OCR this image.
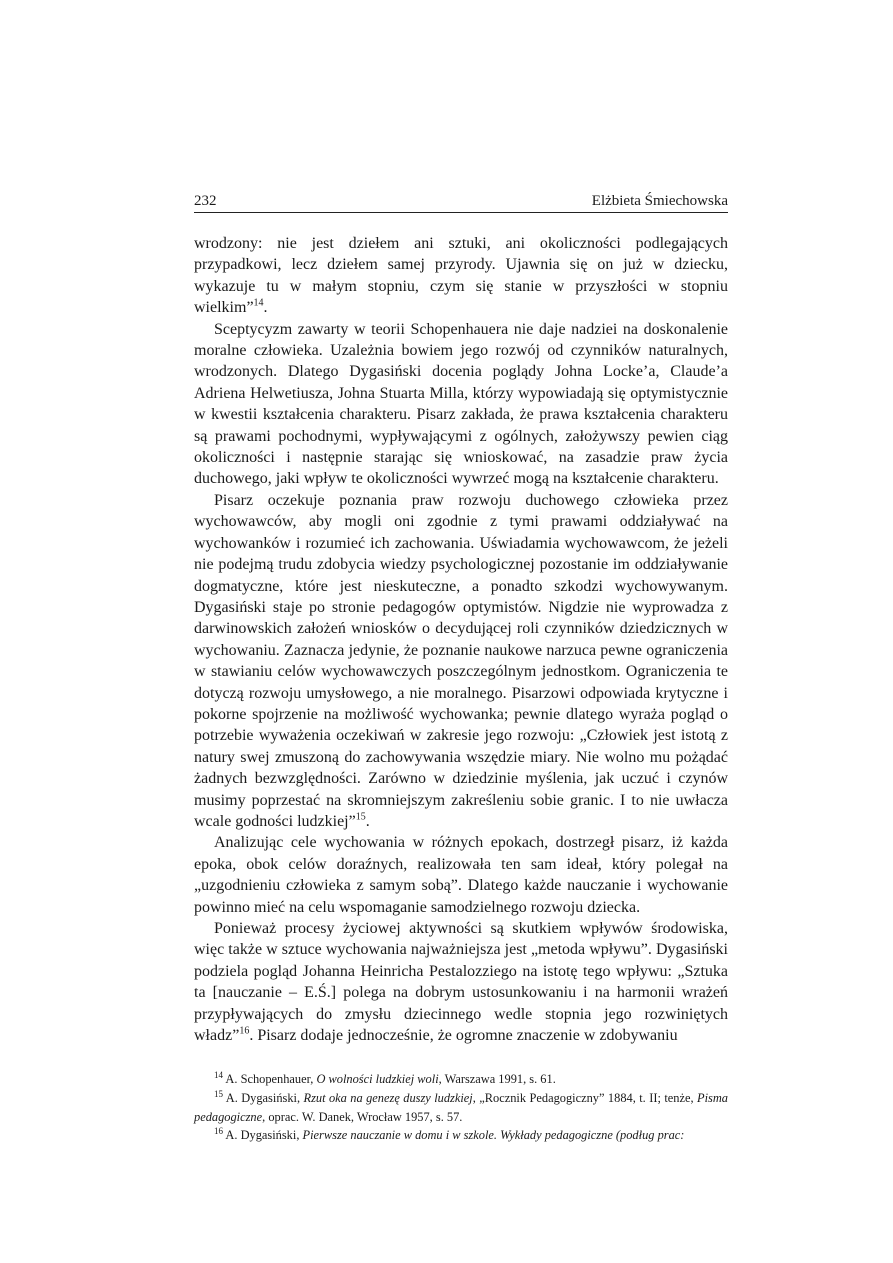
232	Elżbieta Śmiechowska

wrodzony: nie jest dziełem ani sztuki, ani okoliczności podlegających przypadkowi, lecz dziełem samej przyrody. Ujawnia się on już w dziecku, wykazuje tu w małym stopniu, czym się stanie w przyszłości w stopniu wielkim”$^{14}$.

Sceptycyzm zawarty w teorii Schopenhauera nie daje nadziei na doskonalenie moralne człowieka. Uzależnia bowiem jego rozwój od czynników naturalnych, wrodzonych. Dlatego Dygasiński docenia poglądy Johna Locke’a, Claude’a Adriena Helwetiusza, Johna Stuarta Milla, którzy wypowiadają się optymistycznie w kwestii kształcenia charakteru. Pisarz zakłada, że prawa kształcenia charakteru są prawami pochodnymi, wypływającymi z ogólnych, założywszy pewien ciąg okoliczności i następnie starając się wnioskować, na zasadzie praw życia duchowego, jaki wpływ te okoliczności wywrzeć mogą na kształcenie charakteru.

Pisarz oczekuje poznania praw rozwoju duchowego człowieka przez wychowawców, aby mogli oni zgodnie z tymi prawami oddziaływać na wychowanków i rozumieć ich zachowania. Uświadamia wychowawcom, że jeżeli nie podejmą trudu zdobycia wiedzy psychologicznej pozostanie im oddziaływanie dogmatyczne, które jest nieskuteczne, a ponadto szkodzi wychowywanym. Dygasiński staje po stronie pedagogów optymistów. Nigdzie nie wyprowadza z darwinowskich założeń wniosków o decydującej roli czynników dziedzicznych w wychowaniu. Zaznacza jedynie, że poznanie naukowe narzuca pewne ograniczenia w stawianiu celów wychowawczych poszczególnym jednostkom. Ograniczenia te dotyczą rozwoju umysłowego, a nie moralnego. Pisarzowi odpowiada krytyczne i pokorne spojrzenie na możliwość wychowanka; pewnie dlatego wyraża pogląd o potrzebie wyważenia oczekiwań w zakresie jego rozwoju: „Człowiek jest istotą z natury swej zmuszoną do zachowywania wszędzie miary. Nie wolno mu pożądać żadnych bezwzględności. Zarówno w dziedzinie myślenia, jak uczuć i czynów musimy poprzestać na skromniejszym zakreśleniu sobie granic. I to nie uwłacza wcale godności ludzkiej”$^{15}$.

Analizując cele wychowania w różnych epokach, dostrzegł pisarz, iż każda epoka, obok celów doraźnych, realizowała ten sam ideał, który polegał na „uzgodnieniu człowieka z samym sobą”. Dlatego każde nauczanie i wychowanie powinno mieć na celu wspomaganie samodzielnego rozwoju dziecka.

Ponieważ procesy życiowej aktywności są skutkiem wpływów środowiska, więc także w sztuce wychowania najważniejsza jest „metoda wpływu”. Dygasiński podziela pogląd Johanna Heinricha Pestalozziego na istotę tego wpływu: „Sztuka ta [nauczanie – E.Ś.] polega na dobrym ustosunkowaniu i na harmonii wrażeń przypływających do zmysłu dziecinnego wedle stopnia jego rozwiniętych władz”$^{16}$. Pisarz dodaje jednocześnie, że ogromne znaczenie w zdobywaniu

$^{14}$ A. Schopenhauer, O wolności ludzkiej woli, Warszawa 1991, s. 61.

$^{15}$ A. Dygasiński, Rzut oka na genezę duszy ludzkiej, „Rocznik Pedagogiczny” 1884, t. II; tenże, Pisma pedagogiczne, oprac. W. Danek, Wrocław 1957, s. 57.

$^{16}$ A. Dygasiński, Pierwsze nauczanie w domu i w szkole. Wykłady pedagogiczne (podług prac:
